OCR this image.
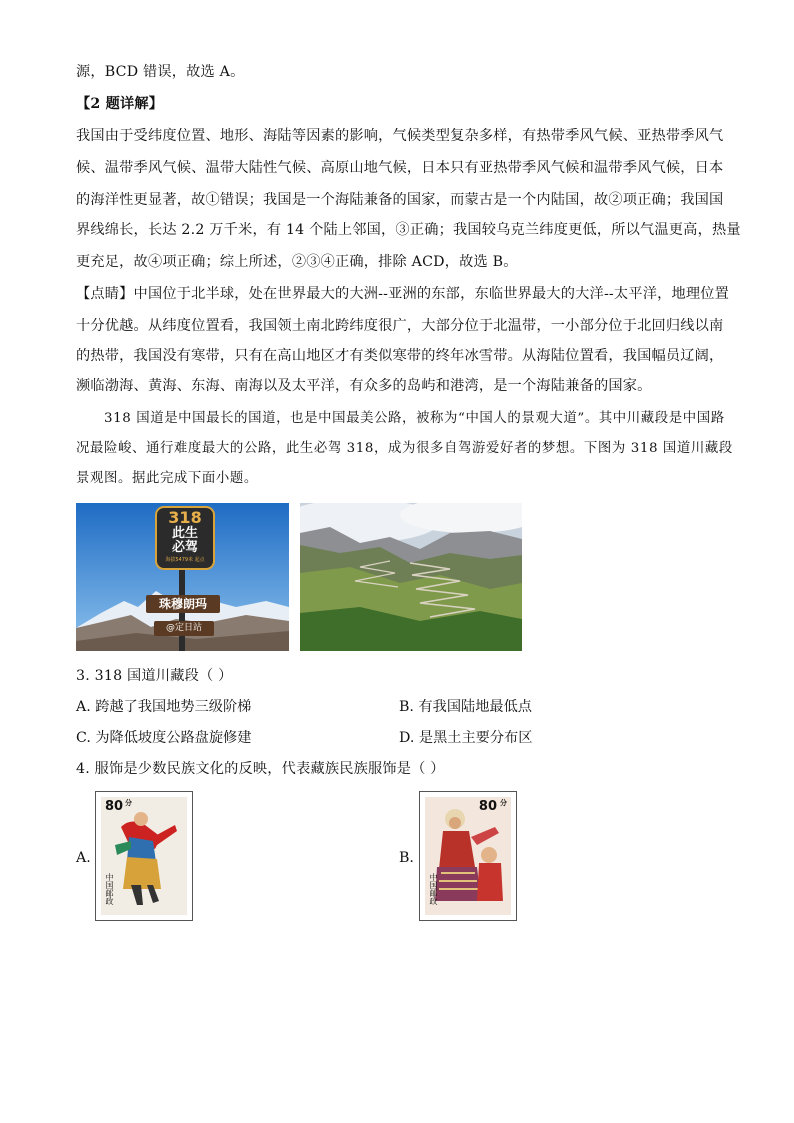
源，BCD 错误，故选 A。
【2 题详解】
我国由于受纬度位置、地形、海陆等因素的影响，气候类型复杂多样，有热带季风气候、亚热带季风气
候、温带季风气候、温带大陆性气候、高原山地气候，日本只有亚热带季风气候和温带季风气候，日本
的海洋性更显著，故①错误；我国是一个海陆兼备的国家，而蒙古是一个内陆国，故②项正确；我国国
界线绵长，长达 2.2 万千米，有 14 个陆上邻国，③正确；我国较乌克兰纬度更低，所以气温更高，热量
更充足，故④项正确；综上所述，②③④正确，排除 ACD，故选 B。
【点睛】中国位于北半球，处在世界最大的大洲--亚洲的东部，东临世界最大的大洋--太平洋，地理位置
十分优越。从纬度位置看，我国领土南北跨纬度很广，大部分位于北温带，一小部分位于北回归线以南
的热带，我国没有寒带，只有在高山地区才有类似寒带的终年冰雪带。从海陆位置看，我国幅员辽阔，
濒临渤海、黄海、东海、南海以及太平洋，有众多的岛屿和港湾，是一个海陆兼备的国家。
318 国道是中国最长的国道，也是中国最美公路，被称为“中国人的景观大道”。其中川藏段是中国路
况最险峻、通行难度最大的公路，此生必驾 318，成为很多自驾游爱好者的梦想。下图为 318 国道川藏段
景观图。据此完成下面小题。
318
此生
必驾
海拔5479米 起点
珠穆朗玛
@定日站
3. 318 国道川藏段（ ）
A. 跨越了我国地势三级阶梯	B. 有我国陆地最低点
C. 为降低坡度公路盘旋修建	D. 是黑土主要分布区
4. 服饰是少数民族文化的反映，代表藏族民族服饰是（ ）
A.
80 分
中国邮政
B.
80 分
中国邮政
